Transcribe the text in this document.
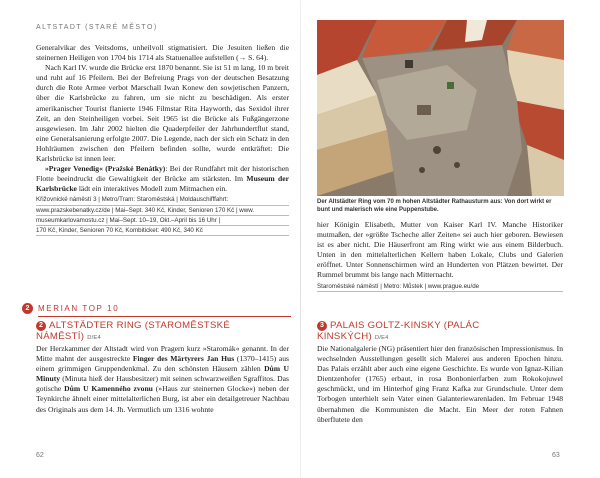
ALTSTADT (STARÉ MĚSTO)

Generalvikar des Veitsdoms, unheilvoll stigmatisiert. Die Jesuiten ließen die steinernen Heiligen von 1704 bis 1714 als Statuenallee aufstellen (→ S. 64).

Nach Karl IV. wurde die Brücke erst 1870 benannt. Sie ist 51 m lang, 10 m breit und ruht auf 16 Pfeilern. Bei der Befreiung Prags von der deutschen Besatzung durch die Rote Armee verbot Marschall Iwan Konew den sowjetischen Panzern, über die Karlsbrücke zu fahren, um sie nicht zu beschädigen. Als erster amerikanischer Tourist flanierte 1946 Filmstar Rita Hayworth, das Sexidol ihrer Zeit, an den Steinheiligen vorbei. Seit 1965 ist die Brücke als Fußgängerzone ausgewiesen. Im Jahr 2002 hielten die Quaderpfeiler der Jahrhundertflut stand, eine Generalsanierung erfolgte 2007. Die Legende, nach der sich ein Schatz in den Hohlräumen zwischen den Pfeilern befinden sollte, wurde entkräftet: Die Karlsbrücke ist innen leer.

»Prager Venedig« (Pražské Benátky): Bei der Rundfahrt mit der historischen Flotte beeindruckt die Gewaltigkeit der Brücke am stärksten. Im Museum der Karlsbrücke lädt ein interaktives Modell zum Mitmachen ein.

Křižovnické náměstí 3 | Metro/Tram: Staroměstská | Moldauschifffahrt:
www.prazskebenatky.cz/de | Mai–Sept. 340 Kč, Kinder, Senioren 170 Kč | www.
museumkarlovamostu.cz | Mai–Sept. 10–19, Okt.–April bis 16 Uhr |
170 Kč, Kinder, Senioren 70 Kč, Kombiticket: 490 Kč, 340 Kč
2	MERIAN TOP 10
2 ALTSTÄDTER RING (STAROMĚSTSKÉ
NÁMĚSTÍ) D/E4

Der Herzkammer der Altstadt wird von Pragern kurz »Staromák« genannt. In der Mitte mahnt der ausgestreckte Finger des Märtyrers Jan Hus (1370–1415) aus einem grimmigen Gruppendenkmal. Zu den schönsten Häusern zählen Dům U Minuty (Minuta hieß der Hausbesitzer) mit seinen schwarzweißen Sgraffitos. Das gotische Dům U Kamenného zvonu (»Haus zur steinernen Glocke«) neben der Teynkirche ähnelt einer mittelalterlichen Burg, ist aber ein detailgetreuer Nachbau des Originals aus dem 14. Jh. Vermutlich um 1316 wohnte

Der Altstädter Ring vom 70 m hohen Altstädter Rathausturm aus: Von dort wirkt er bunt und malerisch wie eine Puppenstube.

hier Königin Elisabeth, Mutter von Kaiser Karl IV. Manche Historiker mutmaßen, der »größte Tscheche aller Zeiten« sei auch hier geboren. Bewiesen ist es aber nicht. Die Häuserfront am Ring wirkt wie aus einem Bilderbuch. Unten in den mittelalterlichen Kellern haben Lokale, Clubs und Galerien eröffnet. Unter Sonnenschirmen wird an Hunderten von Plätzen bewirtet. Der Rummel brummt bis lange nach Mitternacht.

Staroměstské náměstí | Metro: Můstek | www.prague.eu/de
3 PALAIS GOLTZ-KINSKY (PALÁC
KINSKÝCH) D/E4

Die Nationalgalerie (NG) präsentiert hier den französischen Impressionismus. In wechselnden Ausstellungen gesellt sich Malerei aus anderen Epochen hinzu. Das Palais erzählt aber auch eine eigene Geschichte. Es wurde von Ignaz-Kilian Dientzenhofer (1765) erbaut, in rosa Bonbonierfarben zum Rokokojuwel geschmückt, und im Hinterhof ging Franz Kafka zur Grundschule. Unter dem Torbogen unterhielt sein Vater einen Galanteriewarenladen. Im Februar 1948 übernahmen die Kommunisten die Macht. Ein Meer der roten Fahnen überflutete den

62	63
